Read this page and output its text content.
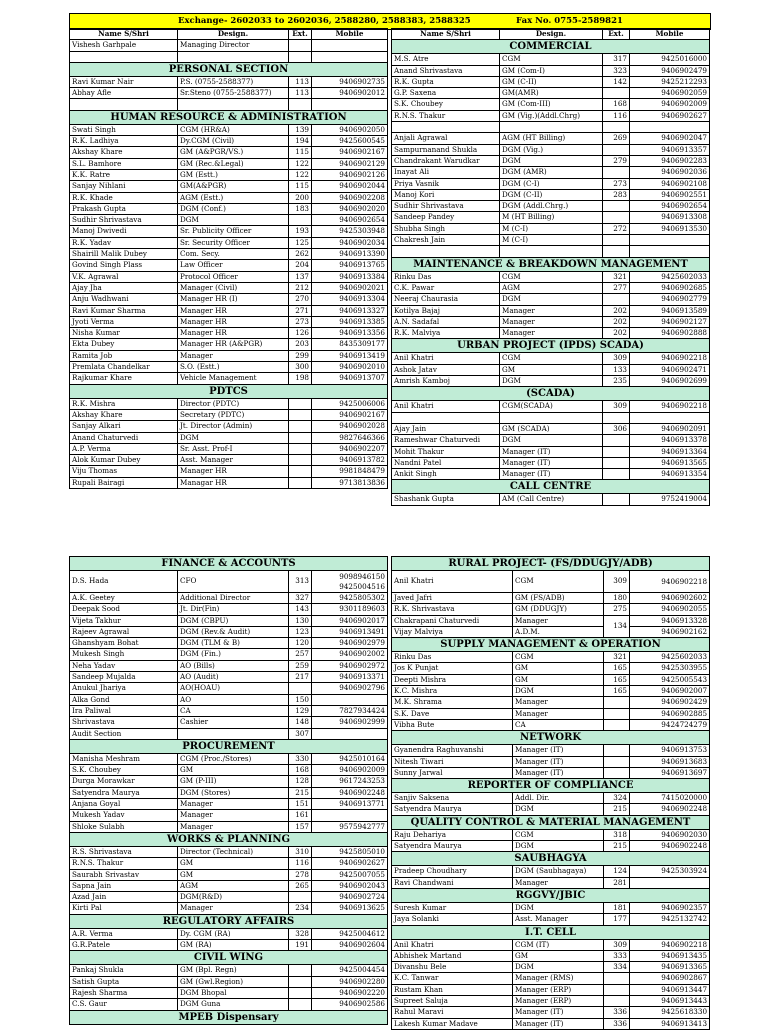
Exchange- 2602033 to 2602036, 2588280, 2588383, 2588325	Fax No. 0755-2589821
Name S/Shri	Design.	Ext.	Mobile
Vishesh Garhpale	Managing Director		

PERSONAL SECTION			
Ravi Kumar Nair	P.S. (0755-2588377)	113	9406902735
Abhay Afle	Sr.Steno (0755-2588377)	113	9406902012

HUMAN RESOURCE & ADMINISTRATION			
Swati Singh	CGM (HR&A)	139	9406902050
R.K. Ladhiya	Dy.CGM (Civil)	194	9425600545
Akshay Khare	GM (A&PGR/VS.)	115	9406902167
S.L. Bamhore	GM (Rec.&Legal)	122	9406902129
K.K. Ratre	GM (Estt.)	122	9406902126
Sanjay Nihlani	GM(A&PGR)	115	9406902044
R.K. Khade	AGM (Estt.)	200	9406902208
Prakash Gupta	DGM (Conf.)	183	9406902020
Sudhir Shrivastava	DGM		9406902654
Manoj Dwivedi	Sr. Publicity Officer	193	9425303948
R.K. Yadav	Sr. Security Officer	125	9406902034
Shairill Malik Dubey	Com. Secy.	262	9406913390
Govind Singh Plass	Law Officer	204	9406913765
V.K. Agrawal	Protocol Officer	137	9406913384
Ajay Jha	Manager (Civil)	212	9406902021
Anju Wadhwani	Manager HR (I)	270	9406913304
Ravi Kumar Sharma	Manager HR	271	9406913327
Jyoti Verma	Manager HR	273	9406913385
Nisha Kumar	Manager HR	126	9406913356
Ekta Dubey	Manager HR (A&PGR)	203	8435309177
Ramita Job	Manager	299	9406913419
Premlata Chandelkar	S.O. (Estt.)	300	9406902010
Rajkumar Khare	Vehicle Management	198	9406913707
PDTCS			
R.K. Mishra	Director (PDTC)		9425006006
Akshay Khare	Secretary (PDTC)		9406902167
Sanjay Alkari	Jt. Director (Admin)		9406902028
Anand Chaturvedi	DGM		9827646366
A.P. Verma	Sr. Asst. Prof-I		9406902207
Alok Kumar Dubey	Asst. Manager		9406913782
Viju Thomas	Manager HR		9981848479
Rupali Bairagi	Managar HR		9713813836
Name S/Shri	Design.	Ext.	Mobile
COMMERCIAL			
M.S. Atre	CGM	317	9425016000
Anand Shrivastava	GM (Com-I)	323	9406902479
R.K. Gupta	GM (C-II)	142	9425212293
G.P. Saxena	GM(AMR)		9406902059
S.K. Choubey	GM (Com-III)	168	9406902009
R.N.S. Thakur	GM (Vig.)(Addl.Chrg)	116	9406902627

Anjali Agrawal	AGM (HT Billing)	269	9406902047
Sampurnanand Shukla	DGM (Vig.)		9406913357
Chandrakant Warudkar	DGM	279	9406902283
Inayat Ali	DGM (AMR)		9406902036
Priya Vasnik	DGM (C-I)	273	9406902108
Manoj Kori	DGM (C-II)	283	9406902551
Sudhir Shrivastava	DGM (Addl.Chrg.)		9406902654
Sandeep Pandey	M (HT Billing)		9406913308
Shubha Singh	M (C-I)	272	9406913530
Chakresh Jain	M (C-I)		

MAINTENANCE & BREAKDOWN MANAGEMENT			
Rinku Das	CGM	321	9425602033
C.K. Pawar	AGM	277	9406902685
Neeraj Chaurasia	DGM		9406902779
Kotilya Bajaj	Manager	202	9406913589
A.N. Sadafal	Manager	202	9406902127
R.K. Malviya	Manager	202	9406902888
URBAN PROJECT (IPDS) SCADA)			
Anil Khatri	CGM	309	9406902218
Ashok Jatav	GM	133	9406902471
Amrish Kamboj	DGM	235	9406902699
(SCADA)			
Anil Khatri	CGM(SCADA)	309	9406902218

Ajay Jain	GM (SCADA)	306	9406902091
Rameshwar Chaturvedi	DGM		9406913378
Mohit Thakur	Manager (IT)		9406913364
Nandni Patel	Manager (IT)		9406913565
Ankit Singh	Manager (IT)		9406913354
CALL CENTRE			
Shashank Gupta	AM (Call Centre)		9752419004
FINANCE & ACCOUNTS			
D.S. Hada	CFO	313	9098946150
9425004516

A.K. Geetey	Additional Director	327	9425805302
Deepak Sood	Jt. Dir(Fin)	143	9301189603
Vijeta Takhur	DGM (CBPU)	130	9406902017
Rajeev Agrawal	DGM (Rev.& Audit)	123	9406913491
Ghanshyam Bohat	DGM (TLM & B)	120	9406902979
Mukesh Singh	DGM (Fin.)	257	9406902002
Neha Yadav	AO (Bills)	259	9406902972
Sandeep Mujalda	AO (Audit)	217	9406913371
Anukul Jhariya	AO(HOAU)		9406902796
Alka Gond	AO	150	
Ira Paliwal	CA	129	7827934424
Shrivastava	Cashier	148	9406902999
Audit Section		307	
PROCUREMENT			
Manisha Meshram	CGM (Proc./Stores)	330	9425010164
S.K. Choubey	GM	168	9406902009
Durga Morawkar	GM (P-III)	128	9617243253
Satyendra Maurya	DGM (Stores)	215	9406902248
Anjana Goyal	Manager	151	9406913771
Mukesh Yadav	Manager	161	
Shloke Sulabh	Manager	157	9575942777
WORKS & PLANNING			
R.S. Shrivastava	Director (Technical)	310	9425805010
R.N.S. Thakur	GM	116	9406902627
Saurabh Srivastav	GM	278	9425007055
Sapna Jain	AGM	265	9406902043
Azad Jain	DGM(R&D)		9406902724
Kirti Pal	Manager	234	9406913625
REGULATORY AFFAIRS			
A.R. Verma	Dy. CGM (RA)	328	9425004612
G.R.Patele	GM (RA)	191	9406902604
CIVIL WING			
Pankaj Shukla	GM (Bpl. Regn)		9425004454
Satish Gupta	GM (Gwl.Region)		9406902280
Rajesh Sharma	DGM Bhopal		9406902220
C.S. Gaur	DGM Guna		9406902586
MPEB Dispensary			
RURAL PROJECT- (FS/DDUGJY/ADB)			
Anil Khatri	CGM	309	9406902218

Javed Jafri	GM (FS/ADB)	180	9406902602
R.K. Shrivastava	GM (DDUGJY)	275	9406902055
Chakrapani Chaturvedi	Manager	134	9406913328
Vijay Malviya	A.D.M.		9406902162
SUPPLY MANAGEMENT & OPERATION			
Rinku Das	CGM	321	9425602033
Jos K Punjat	GM	165	9425303955
Deepti Mishra	GM	165	9425005543
K.C. Mishra	DGM	165	9406902007
M.K. Shrama	Manager		9406902429
S.K. Dave	Manager		9406902885
Vibha Bute	CA		9424724279
NETWORK			
Gyanendra Raghuvanshi	Manager (IT)		9406913753
Nitesh Tiwari	Manager (IT)		9406913683
Sunny Jarwal	Manager (IT)		9406913697
REPORTER OF COMPLIANCE			
Sanjiv Saksena	Addl. Dir.	324	7415020000
Satyendra Maurya	DGM	215	9406902248
QUALITY CONTROL & MATERIAL MANAGEMENT			
Raju Dehariya	CGM	318	9406902030
Satyendra Maurya	DGM	215	9406902248
SAUBHAGYA			
Pradeep Choudhary	DGM (Saubhagaya)	124	9425303924
Ravi Chandwani	Manager	281	
RGGVY/JBIC			
Suresh Kumar	DGM	181	9406902357
Jaya Solanki	Asst. Manager	177	9425132742
I.T. CELL			
Anil Khatri	CGM (IT)	309	9406902218
Abhishek Martand	GM	333	9406913435
Divanshu Bele	DGM	334	9406913365
K.C. Tanwar	Manager (RMS)		9406902867
Rustam Khan	Manager (ERP)		9406913447
Supreet Saluja	Manager (ERP)		9406913443
Rahul Maravi	Manager (IT)	336	9425618330
Lakesh Kumar Madave	Manager (IT)	336	9406913413
